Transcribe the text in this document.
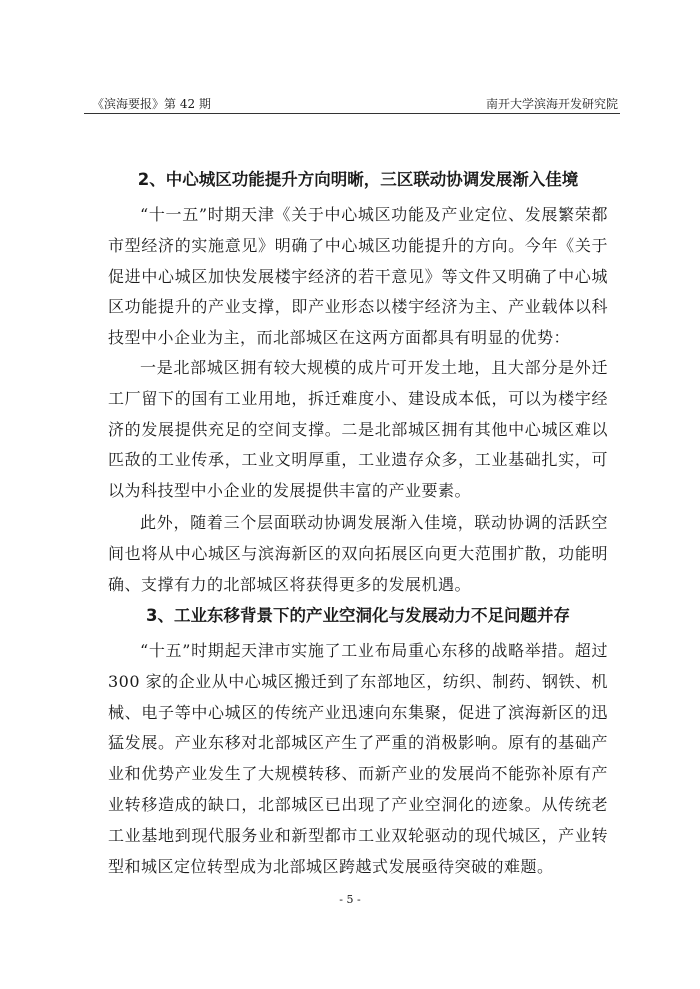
《滨海要报》第 42 期	南开大学滨海开发研究院
2、中心城区功能提升方向明晰，三区联动协调发展渐入佳境

“十一五”时期天津《关于中心城区功能及产业定位、发展繁荣都市型经济的实施意见》明确了中心城区功能提升的方向。今年《关于促进中心城区加快发展楼宇经济的若干意见》等文件又明确了中心城区功能提升的产业支撑，即产业形态以楼宇经济为主、产业载体以科技型中小企业为主，而北部城区在这两方面都具有明显的优势：

一是北部城区拥有较大规模的成片可开发土地，且大部分是外迁工厂留下的国有工业用地，拆迁难度小、建设成本低，可以为楼宇经济的发展提供充足的空间支撑。二是北部城区拥有其他中心城区难以匹敌的工业传承，工业文明厚重，工业遗存众多，工业基础扎实，可以为科技型中小企业的发展提供丰富的产业要素。

此外，随着三个层面联动协调发展渐入佳境，联动协调的活跃空间也将从中心城区与滨海新区的双向拓展区向更大范围扩散，功能明确、支撑有力的北部城区将获得更多的发展机遇。

3、工业东移背景下的产业空洞化与发展动力不足问题并存

“十五”时期起天津市实施了工业布局重心东移的战略举措。超过 300 家的企业从中心城区搬迁到了东部地区，纺织、制药、钢铁、机械、电子等中心城区的传统产业迅速向东集聚，促进了滨海新区的迅猛发展。产业东移对北部城区产生了严重的消极影响。原有的基础产业和优势产业发生了大规模转移、而新产业的发展尚不能弥补原有产业转移造成的缺口，北部城区已出现了产业空洞化的迹象。从传统老工业基地到现代服务业和新型都市工业双轮驱动的现代城区，产业转型和城区定位转型成为北部城区跨越式发展亟待突破的难题。

- 5 -
